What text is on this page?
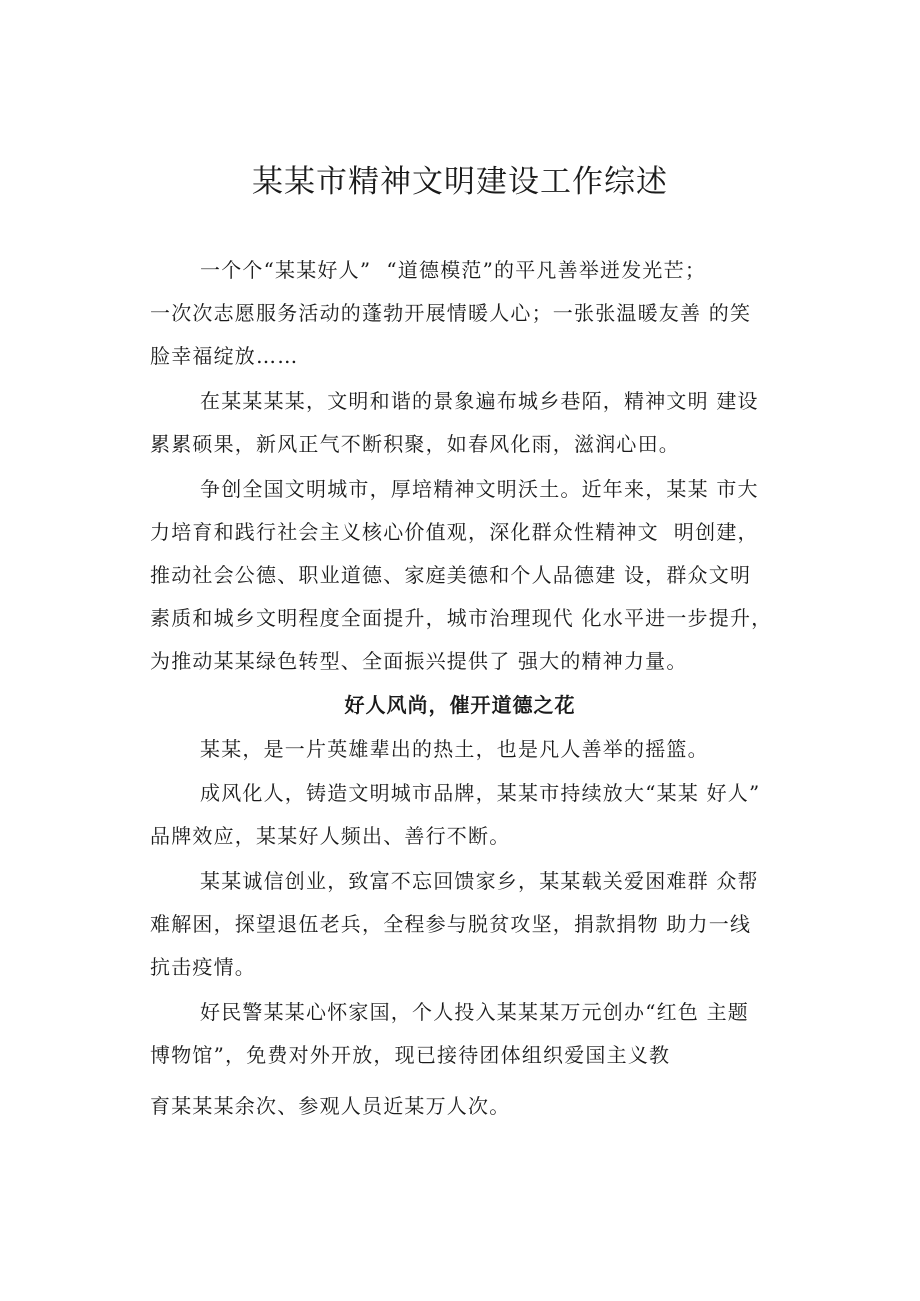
某某市精神文明建设工作综述

一个个“某某好人”  “道德模范”的平凡善举迸发光芒；

一次次志愿服务活动的蓬勃开展情暖人心；一张张温暖友善 的笑

脸幸福绽放……

在某某某某，文明和谐的景象遍布城乡巷陌，精神文明 建设

累累硕果，新风正气不断积聚，如春风化雨，滋润心田。

争创全国文明城市，厚培精神文明沃土。近年来，某某 市大

力培育和践行社会主义核心价值观，深化群众性精神文  明创建，

推动社会公德、职业道德、家庭美德和个人品德建 设，群众文明

素质和城乡文明程度全面提升，城市治理现代 化水平进一步提升，

为推动某某绿色转型、全面振兴提供了 强大的精神力量。

好人风尚，催开道德之花

某某，是一片英雄辈出的热土，也是凡人善举的摇篮。

成风化人，铸造文明城市品牌，某某市持续放大“某某 好人”

品牌效应，某某好人频出、善行不断。

某某诚信创业，致富不忘回馈家乡，某某载关爱困难群 众帮

难解困，探望退伍老兵，全程参与脱贫攻坚，捐款捐物 助力一线

抗击疫情。

好民警某某心怀家国，个人投入某某某万元创办“红色 主题

博物馆”，免费对外开放，现已接待团体组织爱国主义教

育某某某余次、参观人员近某万人次。
